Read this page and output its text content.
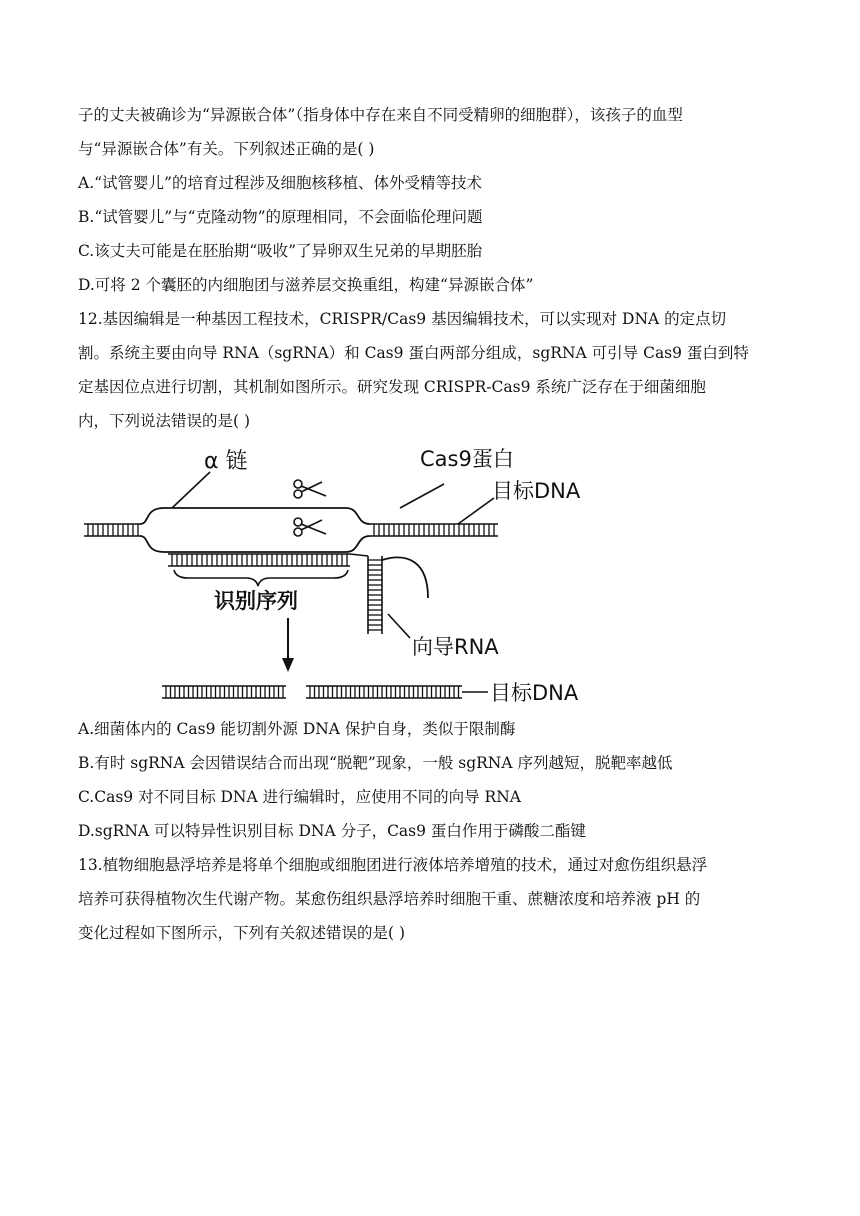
子的丈夫被确诊为“异源嵌合体”（指身体中存在来自不同受精卵的细胞群），该孩子的血型
与“异源嵌合体”有关。下列叙述正确的是( )
A.“试管婴儿”的培育过程涉及细胞核移植、体外受精等技术
B.“试管婴儿”与“克隆动物”的原理相同，不会面临伦理问题
C.该丈夫可能是在胚胎期“吸收”了异卵双生兄弟的早期胚胎
D.可将 2 个囊胚的内细胞团与滋养层交换重组，构建“异源嵌合体”
12.基因编辑是一种基因工程技术，CRISPR/Cas9 基因编辑技术，可以实现对 DNA 的定点切
割。系统主要由向导 RNA（sgRNA）和 Cas9 蛋白两部分组成，sgRNA 可引导 Cas9 蛋白到特
定基因位点进行切割，其机制如图所示。研究发现 CRISPR-Cas9 系统广泛存在于细菌细胞
内，下列说法错误的是( )
α 链	Cas9蛋白
目标DNA
识别序列
向导RNA
目标DNA
A.细菌体内的 Cas9 能切割外源 DNA 保护自身，类似于限制酶
B.有时 sgRNA 会因错误结合而出现“脱靶”现象，一般 sgRNA 序列越短，脱靶率越低
C.Cas9 对不同目标 DNA 进行编辑时，应使用不同的向导 RNA
D.sgRNA 可以特异性识别目标 DNA 分子，Cas9 蛋白作用于磷酸二酯键
13.植物细胞悬浮培养是将单个细胞或细胞团进行液体培养增殖的技术，通过对愈伤组织悬浮
培养可获得植物次生代谢产物。某愈伤组织悬浮培养时细胞干重、蔗糖浓度和培养液 pH 的
变化过程如下图所示，下列有关叙述错误的是( )
